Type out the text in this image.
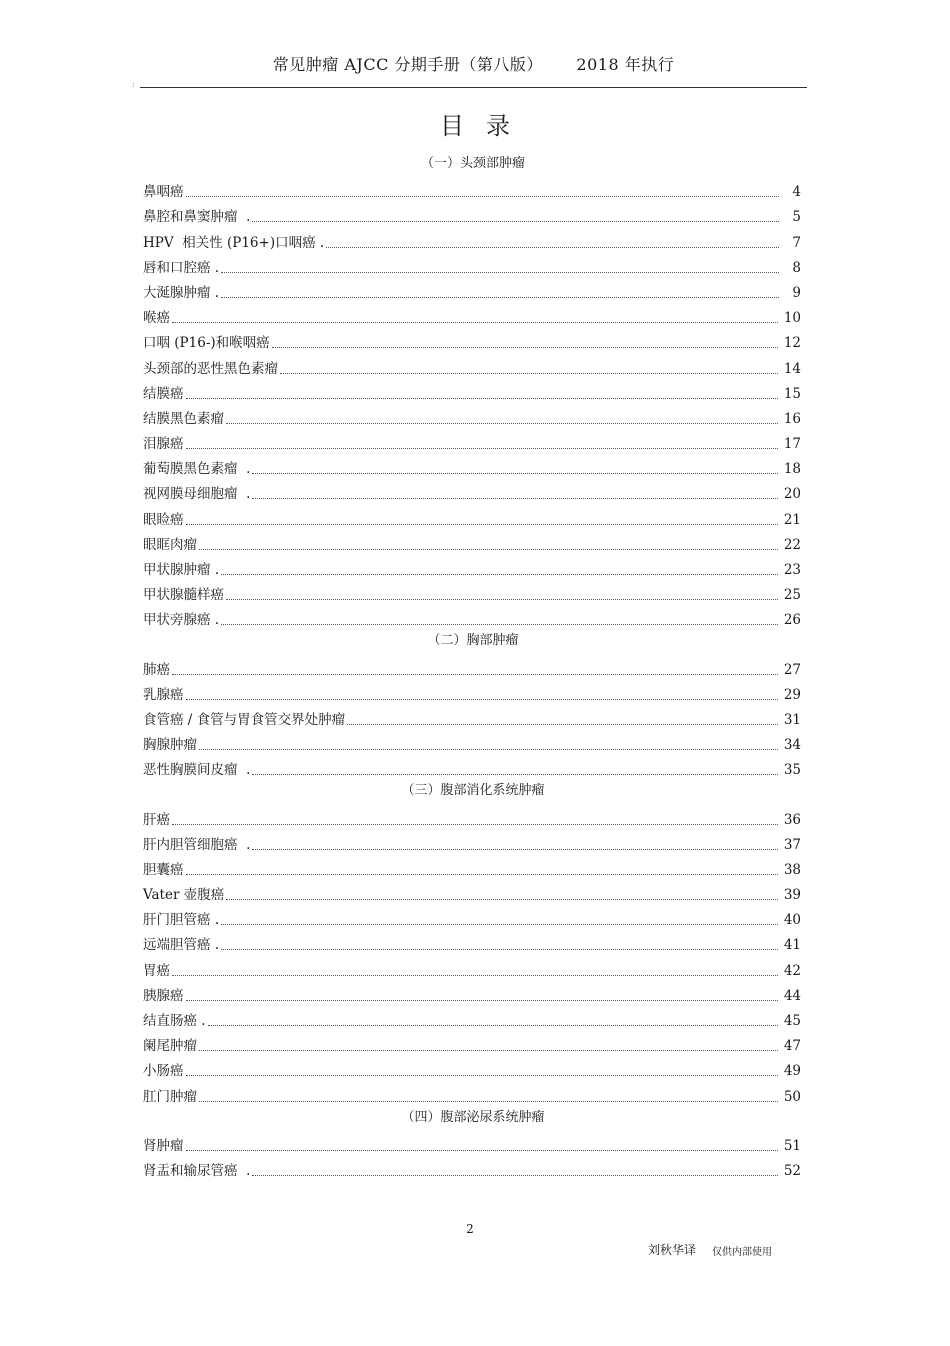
常见肿瘤 AJCC 分期手册（第八版）      2018 年执行
:
目录
（一）头颈部肿瘤
鼻咽癌	4
鼻腔和鼻窦肿瘤  .	5
HPV  相关性 (P16+)口咽癌 .	7
唇和口腔癌 .	8
大涎腺肿瘤 .	9
喉癌	10
口咽 (P16-)和喉咽癌	12
头颈部的恶性黑色素瘤	14
结膜癌	15
结膜黑色素瘤	16
泪腺癌	17
葡萄膜黑色素瘤  .	18
视网膜母细胞瘤  .	20
眼睑癌	21
眼眶肉瘤	22
甲状腺肿瘤 .	23
甲状腺髓样癌	25
甲状旁腺癌 .	26
（二）胸部肿瘤
肺癌	27
乳腺癌	29
食管癌 / 食管与胃食管交界处肿瘤	31
胸腺肿瘤	34
恶性胸膜间皮瘤  .	35
（三）腹部消化系统肿瘤
肝癌	36
肝内胆管细胞癌  .	37
胆囊癌	38
Vater 壶腹癌	39
肝门胆管癌 .	40
远端胆管癌 .	41
胃癌	42
胰腺癌	44
结直肠癌 .	45
阑尾肿瘤	47
小肠癌	49
肛门肿瘤	50
（四）腹部泌尿系统肿瘤
肾肿瘤	51
肾盂和输尿管癌  .	52
2
刘秋华译 仅供内部使用
